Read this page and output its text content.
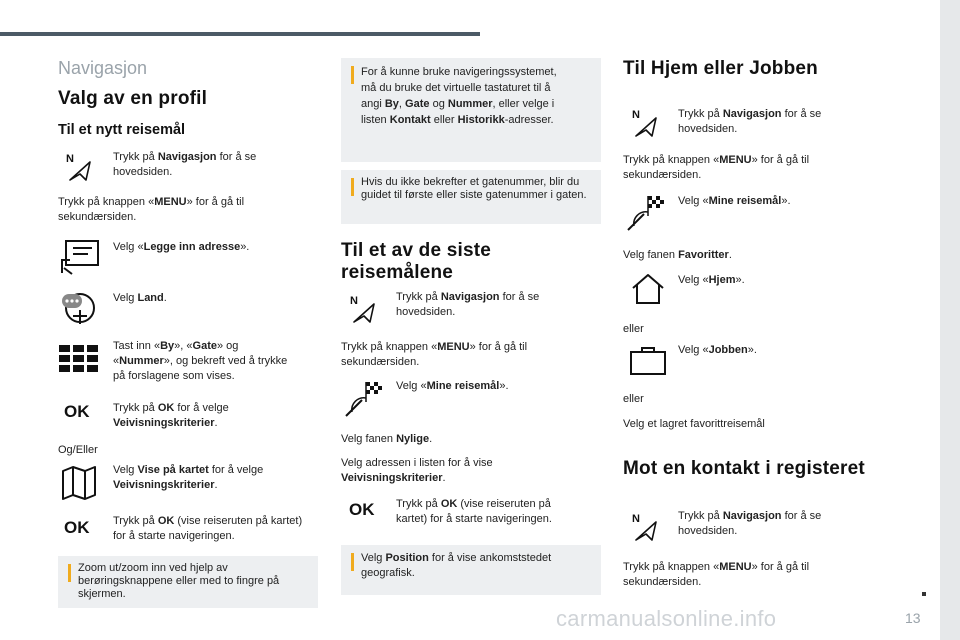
Navigasjon
Valg av en profil
Til et nytt reisemål
N	Trykk på Navigasjon for å se hovedsiden.
Trykk på knappen «MENU» for å gå til sekundærsiden.
Velg «Legge inn adresse».
Velg Land.
Tast inn «By», «Gate» og
«Nummer», og bekreft ved å trykke
på forslagene som vises.
OK Trykk på OK for å velge
Veivisningskriterier.
Og/Eller
Velg Vise på kartet for å velge
Veivisningskriterier.
OK Trykk på OK (vise reiseruten på kartet) for å starte navigeringen.
Zoom ut/zoom inn ved hjelp av berøringsknappene eller med to fingre på skjermen.
For å kunne bruke navigeringssystemet,
må du bruke det virtuelle tastaturet til å
angi By, Gate og Nummer, eller velge i
listen Kontakt eller Historikk-adresser.
Hvis du ikke bekrefter et gatenummer, blir du guidet til første eller siste gatenummer i gaten.
Til et av de siste
reisemålene
N	Trykk på Navigasjon for å se hovedsiden.
Trykk på knappen «MENU» for å gå til sekundærsiden.
Velg «Mine reisemål».
Velg fanen Nylige.
Velg adressen i listen for å vise
Veivisningskriterier.
OK Trykk på OK (vise reiseruten på kartet) for å starte navigeringen.
Velg Position for å vise ankomststedet geografisk.
Til Hjem eller Jobben
N	Trykk på Navigasjon for å se hovedsiden.
Trykk på knappen «MENU» for å gå til sekundærsiden.
Velg «Mine reisemål».
Velg fanen Favoritter.
Velg «Hjem».
eller
Velg «Jobben».
eller
Velg et lagret favorittreisemål
Mot en kontakt i registeret
N	Trykk på Navigasjon for å se hovedsiden.
Trykk på knappen «MENU» for å gå til sekundærsiden.
carmanualsonline.info	13
